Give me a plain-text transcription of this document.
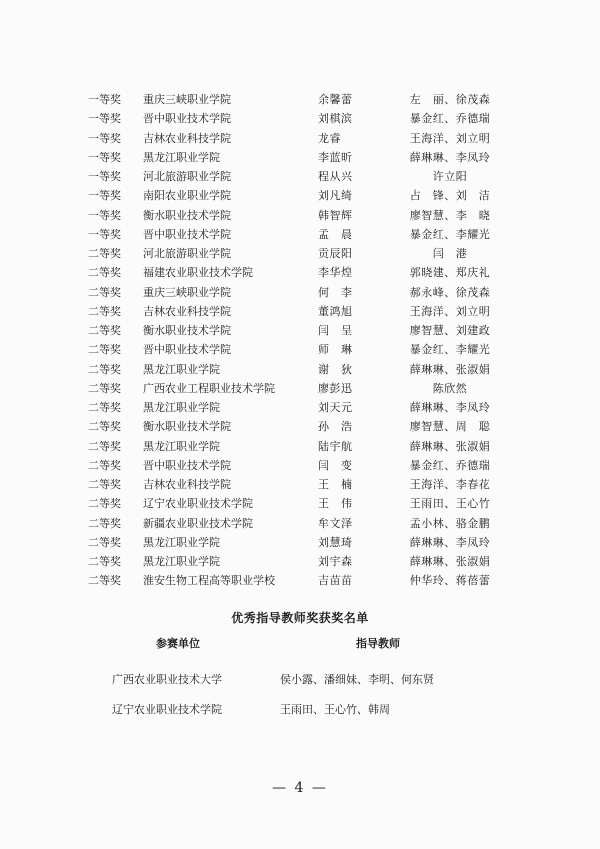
一等奖 重庆三峡职业学院	余馨蕾	左　丽、徐茂森
一等奖 晋中职业技术学院	刘棋滨	暴金红、乔德瑞
一等奖 吉林农业科技学院	龙睿	王海洋、刘立明
一等奖 黑龙江职业学院	李蓝昕	薛琳琳、李凤玲
一等奖 河北旅游职业学院	程从兴	许立阳
一等奖 南阳农业职业学院	刘凡绮	占　锋、刘　洁
一等奖 衡水职业技术学院	韩智辉	廖智慧、李　晓
一等奖 晋中职业技术学院	孟　晨	暴金红、李耀光
二等奖 河北旅游职业学院	贡辰阳	闫　港
二等奖 福建农业职业技术学院	李华煌	郭晓建、郑庆礼
二等奖 重庆三峡职业学院	何　李	郝永峰、徐茂森
二等奖 吉林农业科技学院	董鸿旭	王海洋、刘立明
二等奖 衡水职业技术学院	闫　呈	廖智慧、刘建政
二等奖 晋中职业技术学院	师　琳	暴金红、李耀光
二等奖 黑龙江职业学院	谢　狄	薛琳琳、张淑娟
二等奖 广西农业工程职业技术学院	廖彭迅	陈欣然
二等奖 黑龙江职业学院	刘天元	薛琳琳、李凤玲
二等奖 衡水职业技术学院	孙　浩	廖智慧、周　聪
二等奖 黑龙江职业学院	陆宇航	薛琳琳、张淑娟
二等奖 晋中职业技术学院	闫　变	暴金红、乔德瑞
二等奖 吉林农业科技学院	王　楠	王海洋、李春花
二等奖 辽宁农业职业技术学院	王　伟	王雨田、王心竹
二等奖 新疆农业职业技术学院	牟文泽	孟小林、骆金鹏
二等奖 黑龙江职业学院	刘慧琦	薛琳琳、李凤玲
二等奖 黑龙江职业学院	刘宇森	薛琳琳、张淑娟
二等奖 淮安生物工程高等职业学校	吉苗苗	仲华玲、蒋蓓蕾
优秀指导教师奖获奖名单
参赛单位	指导教师
广西农业职业技术大学	侯小露、潘细妹、李明、何东贤
辽宁农业职业技术学院	王雨田、王心竹、韩周
— 4 —
